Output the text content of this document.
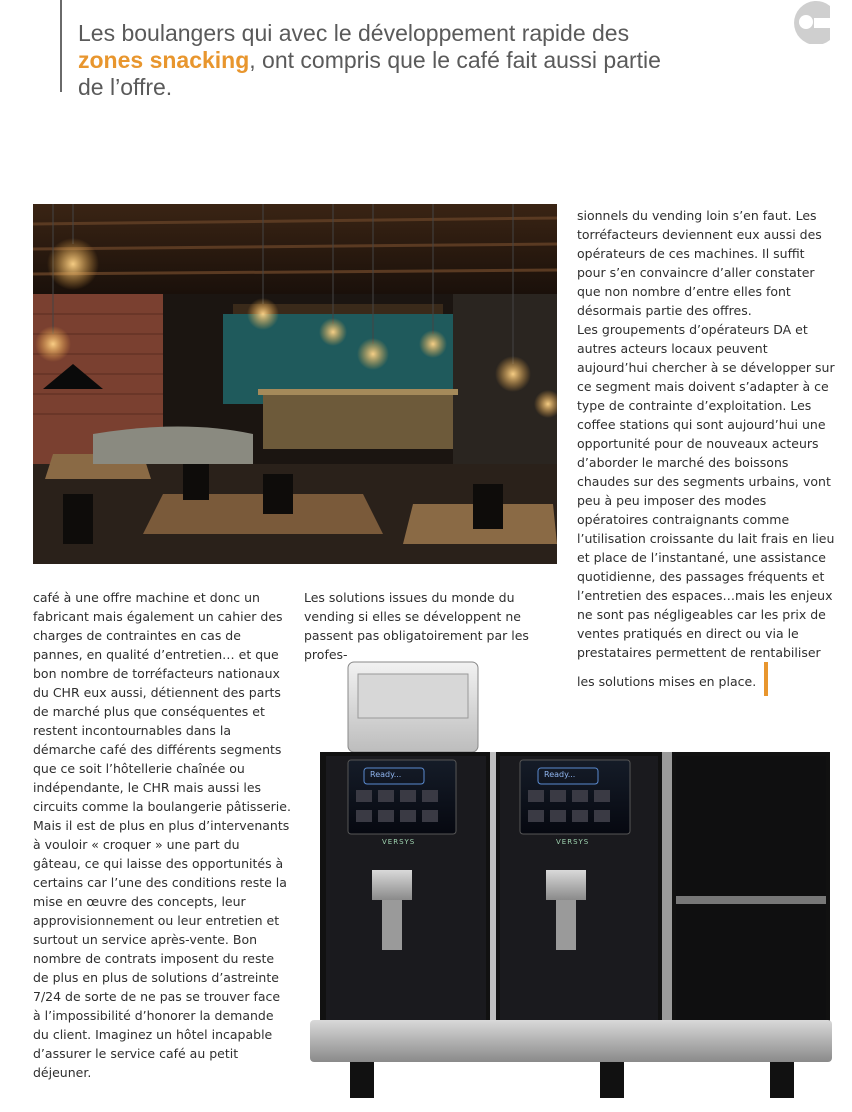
Les boulangers qui avec le développement rapide des zones snacking, ont compris que le café fait aussi partie de l’offre.

café à une offre machine et donc un fabricant mais également un cahier des charges de contraintes en cas de pannes, en qualité d’entretien… et que bon nombre de torréfacteurs nationaux du CHR eux aussi, détiennent des parts de marché plus que conséquentes et restent incontournables dans la démarche café des différents segments que ce soit l’hôtellerie chaînée ou indépendante, le CHR mais aussi les circuits comme la boulangerie pâtisserie. Mais il est de plus en plus d’intervenants à vouloir « croquer » une part du gâteau, ce qui laisse des opportunités à certains car l’une des conditions reste la mise en œuvre des concepts, leur approvisionnement ou leur entretien et surtout un service après-vente. Bon nombre de contrats imposent du reste de plus en plus de solutions d’astreinte 7/24 de sorte de ne pas se trouver face à l’impossibilité d’honorer la demande du client. Imaginez un hôtel incapable d’assurer le service café au petit déjeuner.

Les solutions issues du monde du vending si elles se développent ne passent pas obligatoirement par les profes-

sionnels du vending loin s’en faut. Les torréfacteurs deviennent eux aussi des opérateurs de ces machines. Il suffit pour s’en convaincre d’aller constater que non nombre d’entre elles font désormais partie des offres.

Les groupements d’opérateurs DA et autres acteurs locaux peuvent aujourd’hui chercher à se développer sur ce segment mais doivent s’adapter à ce type de contrainte d’exploitation. Les coffee stations qui sont aujourd’hui une opportunité pour de nouveaux acteurs d’aborder le marché des boissons chaudes sur des segments urbains, vont peu à peu imposer des modes opératoires contraignants comme l’utilisation croissante du lait frais en lieu et place de l’instantané, une assistance quotidienne, des passages fréquents et l’entretien des espaces…mais les enjeux ne sont pas négligeables car les prix de ventes pratiqués en direct ou via le prestataires permettent de rentabiliser les solutions mises en place.

Ready...	Ready...
VERSYS	VERSYS
